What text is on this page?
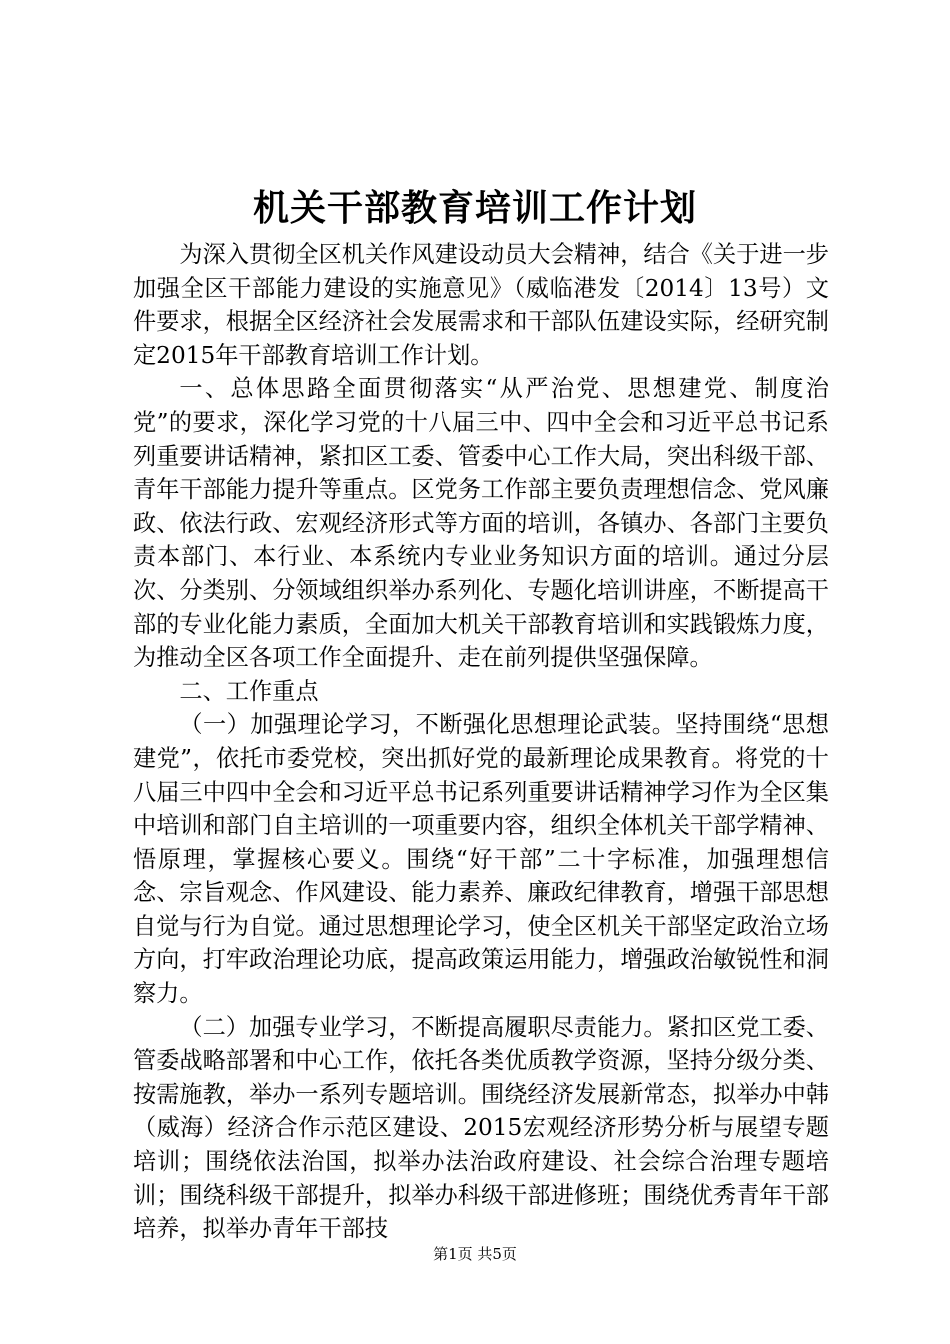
机关干部教育培训工作计划

为深入贯彻全区机关作风建设动员大会精神，结合《关于进一步加强全区干部能力建设的实施意见》（威临港发〔2014〕13号）文件要求，根据全区经济社会发展需求和干部队伍建设实际，经研究制定2015年干部教育培训工作计划。

一、总体思路全面贯彻落实“从严治党、思想建党、制度治党”的要求，深化学习党的十八届三中、四中全会和习近平总书记系列重要讲话精神，紧扣区工委、管委中心工作大局，突出科级干部、青年干部能力提升等重点。区党务工作部主要负责理想信念、党风廉政、依法行政、宏观经济形式等方面的培训，各镇办、各部门主要负责本部门、本行业、本系统内专业业务知识方面的培训。通过分层次、分类别、分领域组织举办系列化、专题化培训讲座，不断提高干部的专业化能力素质，全面加大机关干部教育培训和实践锻炼力度，为推动全区各项工作全面提升、走在前列提供坚强保障。

二、工作重点

（一）加强理论学习，不断强化思想理论武装。坚持围绕“思想建党”，依托市委党校，突出抓好党的最新理论成果教育。将党的十八届三中四中全会和习近平总书记系列重要讲话精神学习作为全区集中培训和部门自主培训的一项重要内容，组织全体机关干部学精神、悟原理，掌握核心要义。围绕“好干部”二十字标准，加强理想信念、宗旨观念、作风建设、能力素养、廉政纪律教育，增强干部思想自觉与行为自觉。通过思想理论学习，使全区机关干部坚定政治立场方向，打牢政治理论功底，提高政策运用能力，增强政治敏锐性和洞察力。

（二）加强专业学习，不断提高履职尽责能力。紧扣区党工委、管委战略部署和中心工作，依托各类优质教学资源，坚持分级分类、按需施教，举办一系列专题培训。围绕经济发展新常态，拟举办中韩（威海）经济合作示范区建设、2015宏观经济形势分析与展望专题培训；围绕依法治国，拟举办法治政府建设、社会综合治理专题培训；围绕科级干部提升，拟举办科级干部进修班；围绕优秀青年干部培养，拟举办青年干部技

第1页 共5页
